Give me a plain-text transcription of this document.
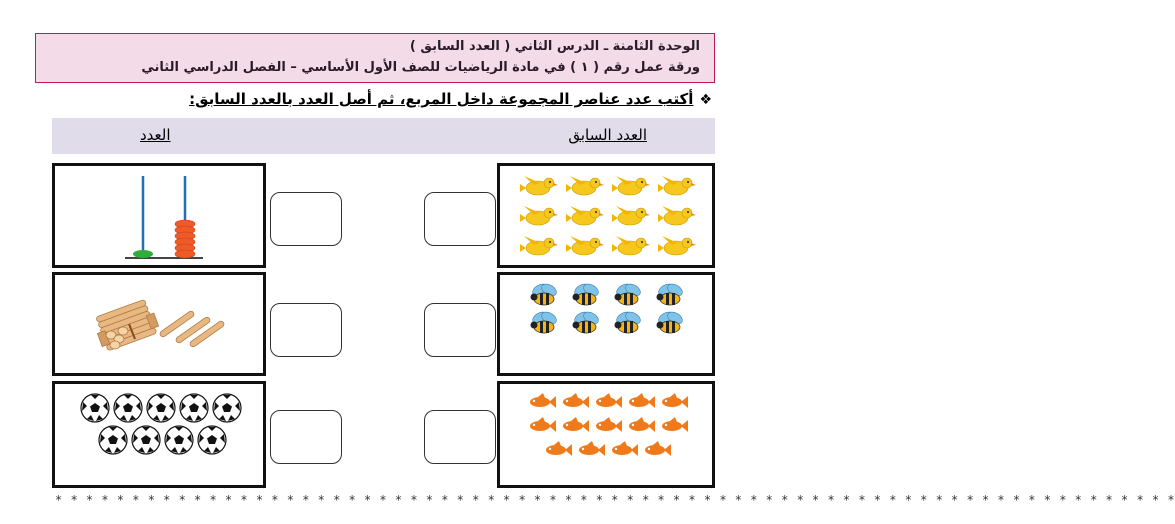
الوحدة الثامنة ـ الدرس الثاني ( العدد السابق )
ورقة عمل رقم ( ١ ) في مادة الرياضيات للصف الأول الأساسي – الفصل الدراسي الثاني
❖أكتب عدد عناصر المجموعة داخل المربع، ثم أصل العدد بالعدد السابق:
العدد السابق
العدد
* * * * * * * * * * * * * * * * * * * * * * * * * * * * * * * * * * * * * * * * * * * * * * * * * * * * * * * * * * * * * * * * * * * * * * * * *
